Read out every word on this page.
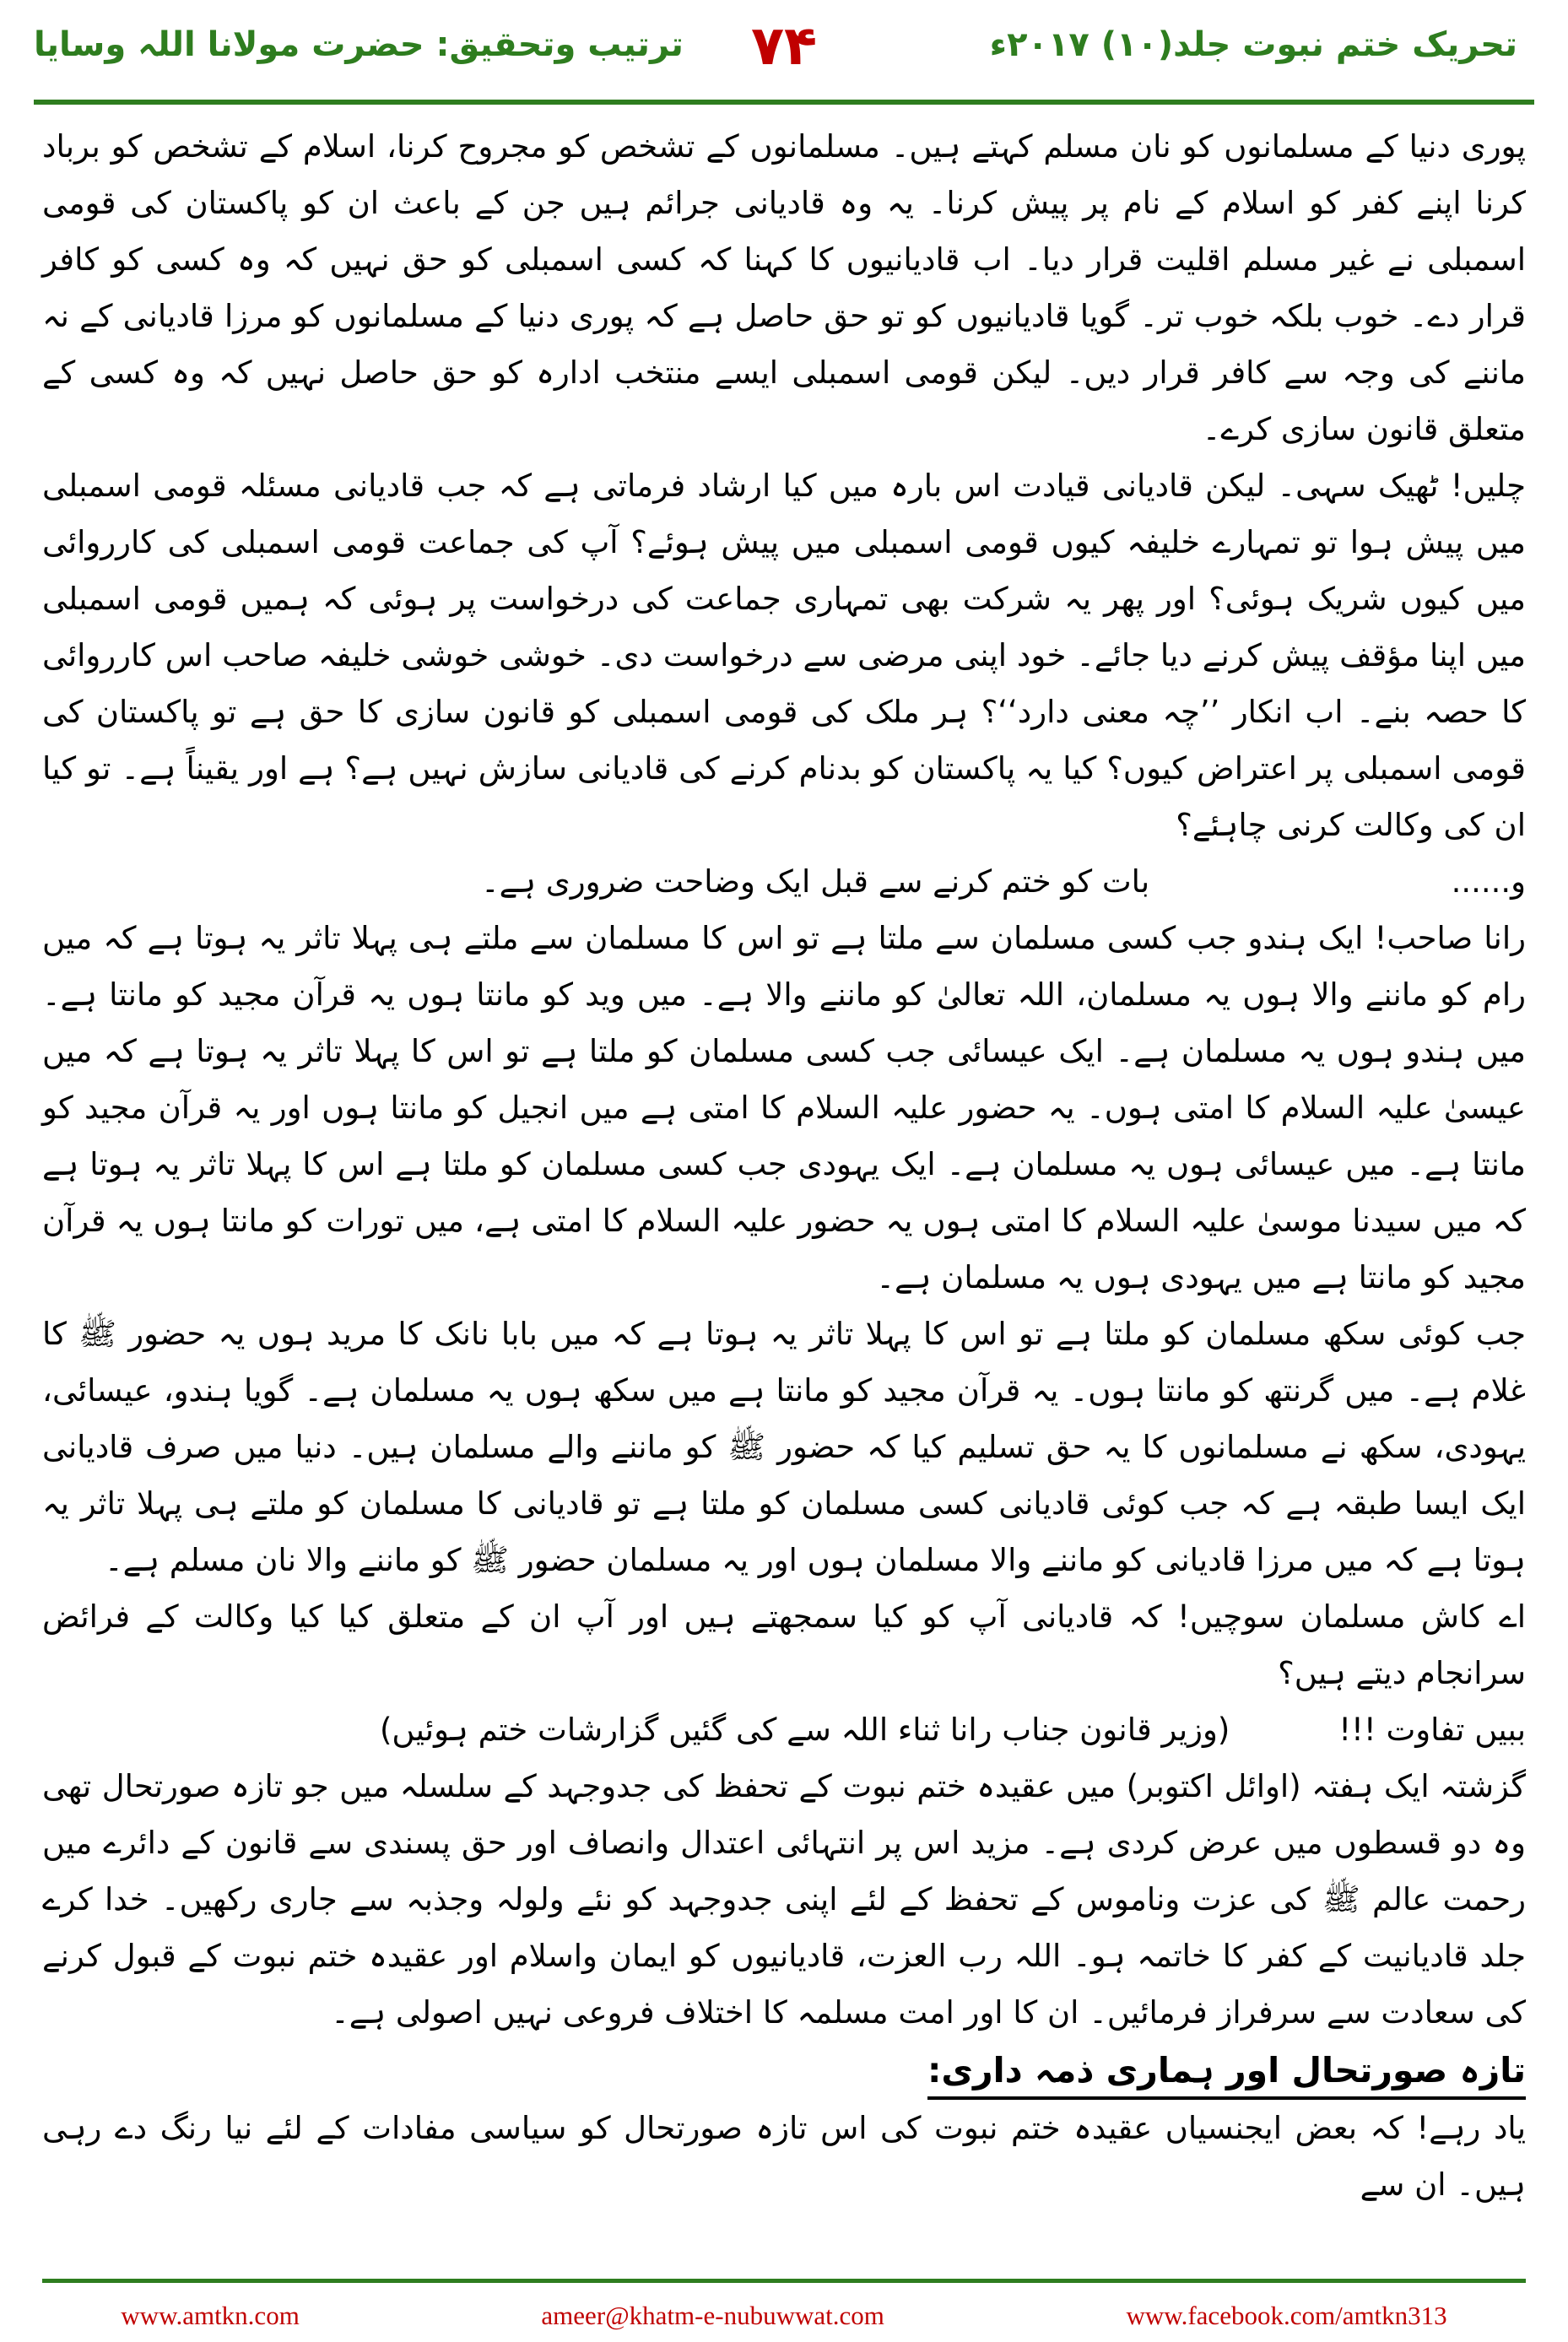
تحریک ختم نبوت جلد(۱۰) ۲۰۱۷ء
۷۴
ترتیب وتحقیق: حضرت مولانا اللہ وسایا

پوری دنیا کے مسلمانوں کو نان مسلم کہتے ہیں۔ مسلمانوں کے تشخص کو مجروح کرنا، اسلام کے تشخص کو برباد کرنا اپنے کفر کو اسلام کے نام پر پیش کرنا۔ یہ وہ قادیانی جرائم ہیں جن کے باعث ان کو پاکستان کی قومی اسمبلی نے غیر مسلم اقلیت قرار دیا۔ اب قادیانیوں کا کہنا کہ کسی اسمبلی کو حق نہیں کہ وہ کسی کو کافر قرار دے۔ خوب بلکہ خوب تر۔ گویا قادیانیوں کو تو حق حاصل ہے کہ پوری دنیا کے مسلمانوں کو مرزا قادیانی کے نہ ماننے کی وجہ سے کافر قرار دیں۔ لیکن قومی اسمبلی ایسے منتخب ادارہ کو حق حاصل نہیں کہ وہ کسی کے متعلق قانون سازی کرے۔

چلیں! ٹھیک سہی۔ لیکن قادیانی قیادت اس بارہ میں کیا ارشاد فرماتی ہے کہ جب قادیانی مسئلہ قومی اسمبلی میں پیش ہوا تو تمہارے خلیفہ کیوں قومی اسمبلی میں پیش ہوئے؟ آپ کی جماعت قومی اسمبلی کی کارروائی میں کیوں شریک ہوئی؟ اور پھر یہ شرکت بھی تمہاری جماعت کی درخواست پر ہوئی کہ ہمیں قومی اسمبلی میں اپنا مؤقف پیش کرنے دیا جائے۔ خود اپنی مرضی سے درخواست دی۔ خوشی خوشی خلیفہ صاحب اس کارروائی کا حصہ بنے۔ اب انکار ’’چہ معنی دارد‘‘؟ ہر ملک کی قومی اسمبلی کو قانون سازی کا حق ہے تو پاکستان کی قومی اسمبلی پر اعتراض کیوں؟ کیا یہ پاکستان کو بدنام کرنے کی قادیانی سازش نہیں ہے؟ ہے اور یقیناً ہے۔ تو کیا ان کی وکالت کرنی چاہئے؟

و......
بات کو ختم کرنے سے قبل ایک وضاحت ضروری ہے۔

رانا صاحب! ایک ہندو جب کسی مسلمان سے ملتا ہے تو اس کا مسلمان سے ملتے ہی پہلا تاثر یہ ہوتا ہے کہ میں رام کو ماننے والا ہوں یہ مسلمان، اللہ تعالیٰ کو ماننے والا ہے۔ میں وید کو مانتا ہوں یہ قرآن مجید کو مانتا ہے۔ میں ہندو ہوں یہ مسلمان ہے۔ ایک عیسائی جب کسی مسلمان کو ملتا ہے تو اس کا پہلا تاثر یہ ہوتا ہے کہ میں عیسیٰ علیہ السلام کا امتی ہوں۔ یہ حضور علیہ السلام کا امتی ہے میں انجیل کو مانتا ہوں اور یہ قرآن مجید کو مانتا ہے۔ میں عیسائی ہوں یہ مسلمان ہے۔ ایک یہودی جب کسی مسلمان کو ملتا ہے اس کا پہلا تاثر یہ ہوتا ہے کہ میں سیدنا موسیٰ علیہ السلام کا امتی ہوں یہ حضور علیہ السلام کا امتی ہے، میں تورات کو مانتا ہوں یہ قرآن مجید کو مانتا ہے میں یہودی ہوں یہ مسلمان ہے۔

جب کوئی سکھ مسلمان کو ملتا ہے تو اس کا پہلا تاثر یہ ہوتا ہے کہ میں بابا نانک کا مرید ہوں یہ حضور ﷺ کا غلام ہے۔ میں گرنتھ کو مانتا ہوں۔ یہ قرآن مجید کو مانتا ہے میں سکھ ہوں یہ مسلمان ہے۔ گویا ہندو، عیسائی، یہودی، سکھ نے مسلمانوں کا یہ حق تسلیم کیا کہ حضور ﷺ کو ماننے والے مسلمان ہیں۔ دنیا میں صرف قادیانی ایک ایسا طبقہ ہے کہ جب کوئی قادیانی کسی مسلمان کو ملتا ہے تو قادیانی کا مسلمان کو ملتے ہی پہلا تاثر یہ ہوتا ہے کہ میں مرزا قادیانی کو ماننے والا مسلمان ہوں اور یہ مسلمان حضور ﷺ کو ماننے والا نان مسلم ہے۔

اے کاش مسلمان سوچیں! کہ قادیانی آپ کو کیا سمجھتے ہیں اور آپ ان کے متعلق کیا کیا وکالت کے فرائض سرانجام دیتے ہیں؟

ببیں تفاوت !!!
(وزیر قانون جناب رانا ثناء اللہ سے کی گئیں گزارشات ختم ہوئیں)

گزشتہ ایک ہفتہ (اوائل اکتوبر) میں عقیدہ ختم نبوت کے تحفظ کی جدوجہد کے سلسلہ میں جو تازہ صورتحال تھی وہ دو قسطوں میں عرض کردی ہے۔ مزید اس پر انتہائی اعتدال وانصاف اور حق پسندی سے قانون کے دائرے میں رحمت عالم ﷺ کی عزت وناموس کے تحفظ کے لئے اپنی جدوجہد کو نئے ولولہ وجذبہ سے جاری رکھیں۔ خدا کرے جلد قادیانیت کے کفر کا خاتمہ ہو۔ اللہ رب العزت، قادیانیوں کو ایمان واسلام اور عقیدہ ختم نبوت کے قبول کرنے کی سعادت سے سرفراز فرمائیں۔ ان کا اور امت مسلمہ کا اختلاف فروعی نہیں اصولی ہے۔

تازہ صورتحال اور ہماری ذمہ داری:

یاد رہے! کہ بعض ایجنسیاں عقیدہ ختم نبوت کی اس تازہ صورتحال کو سیاسی مفادات کے لئے نیا رنگ دے رہی ہیں۔ ان سے

www.amtkn.com	ameer@khatm-e-nubuwwat.com	www.facebook.com/amtkn313
